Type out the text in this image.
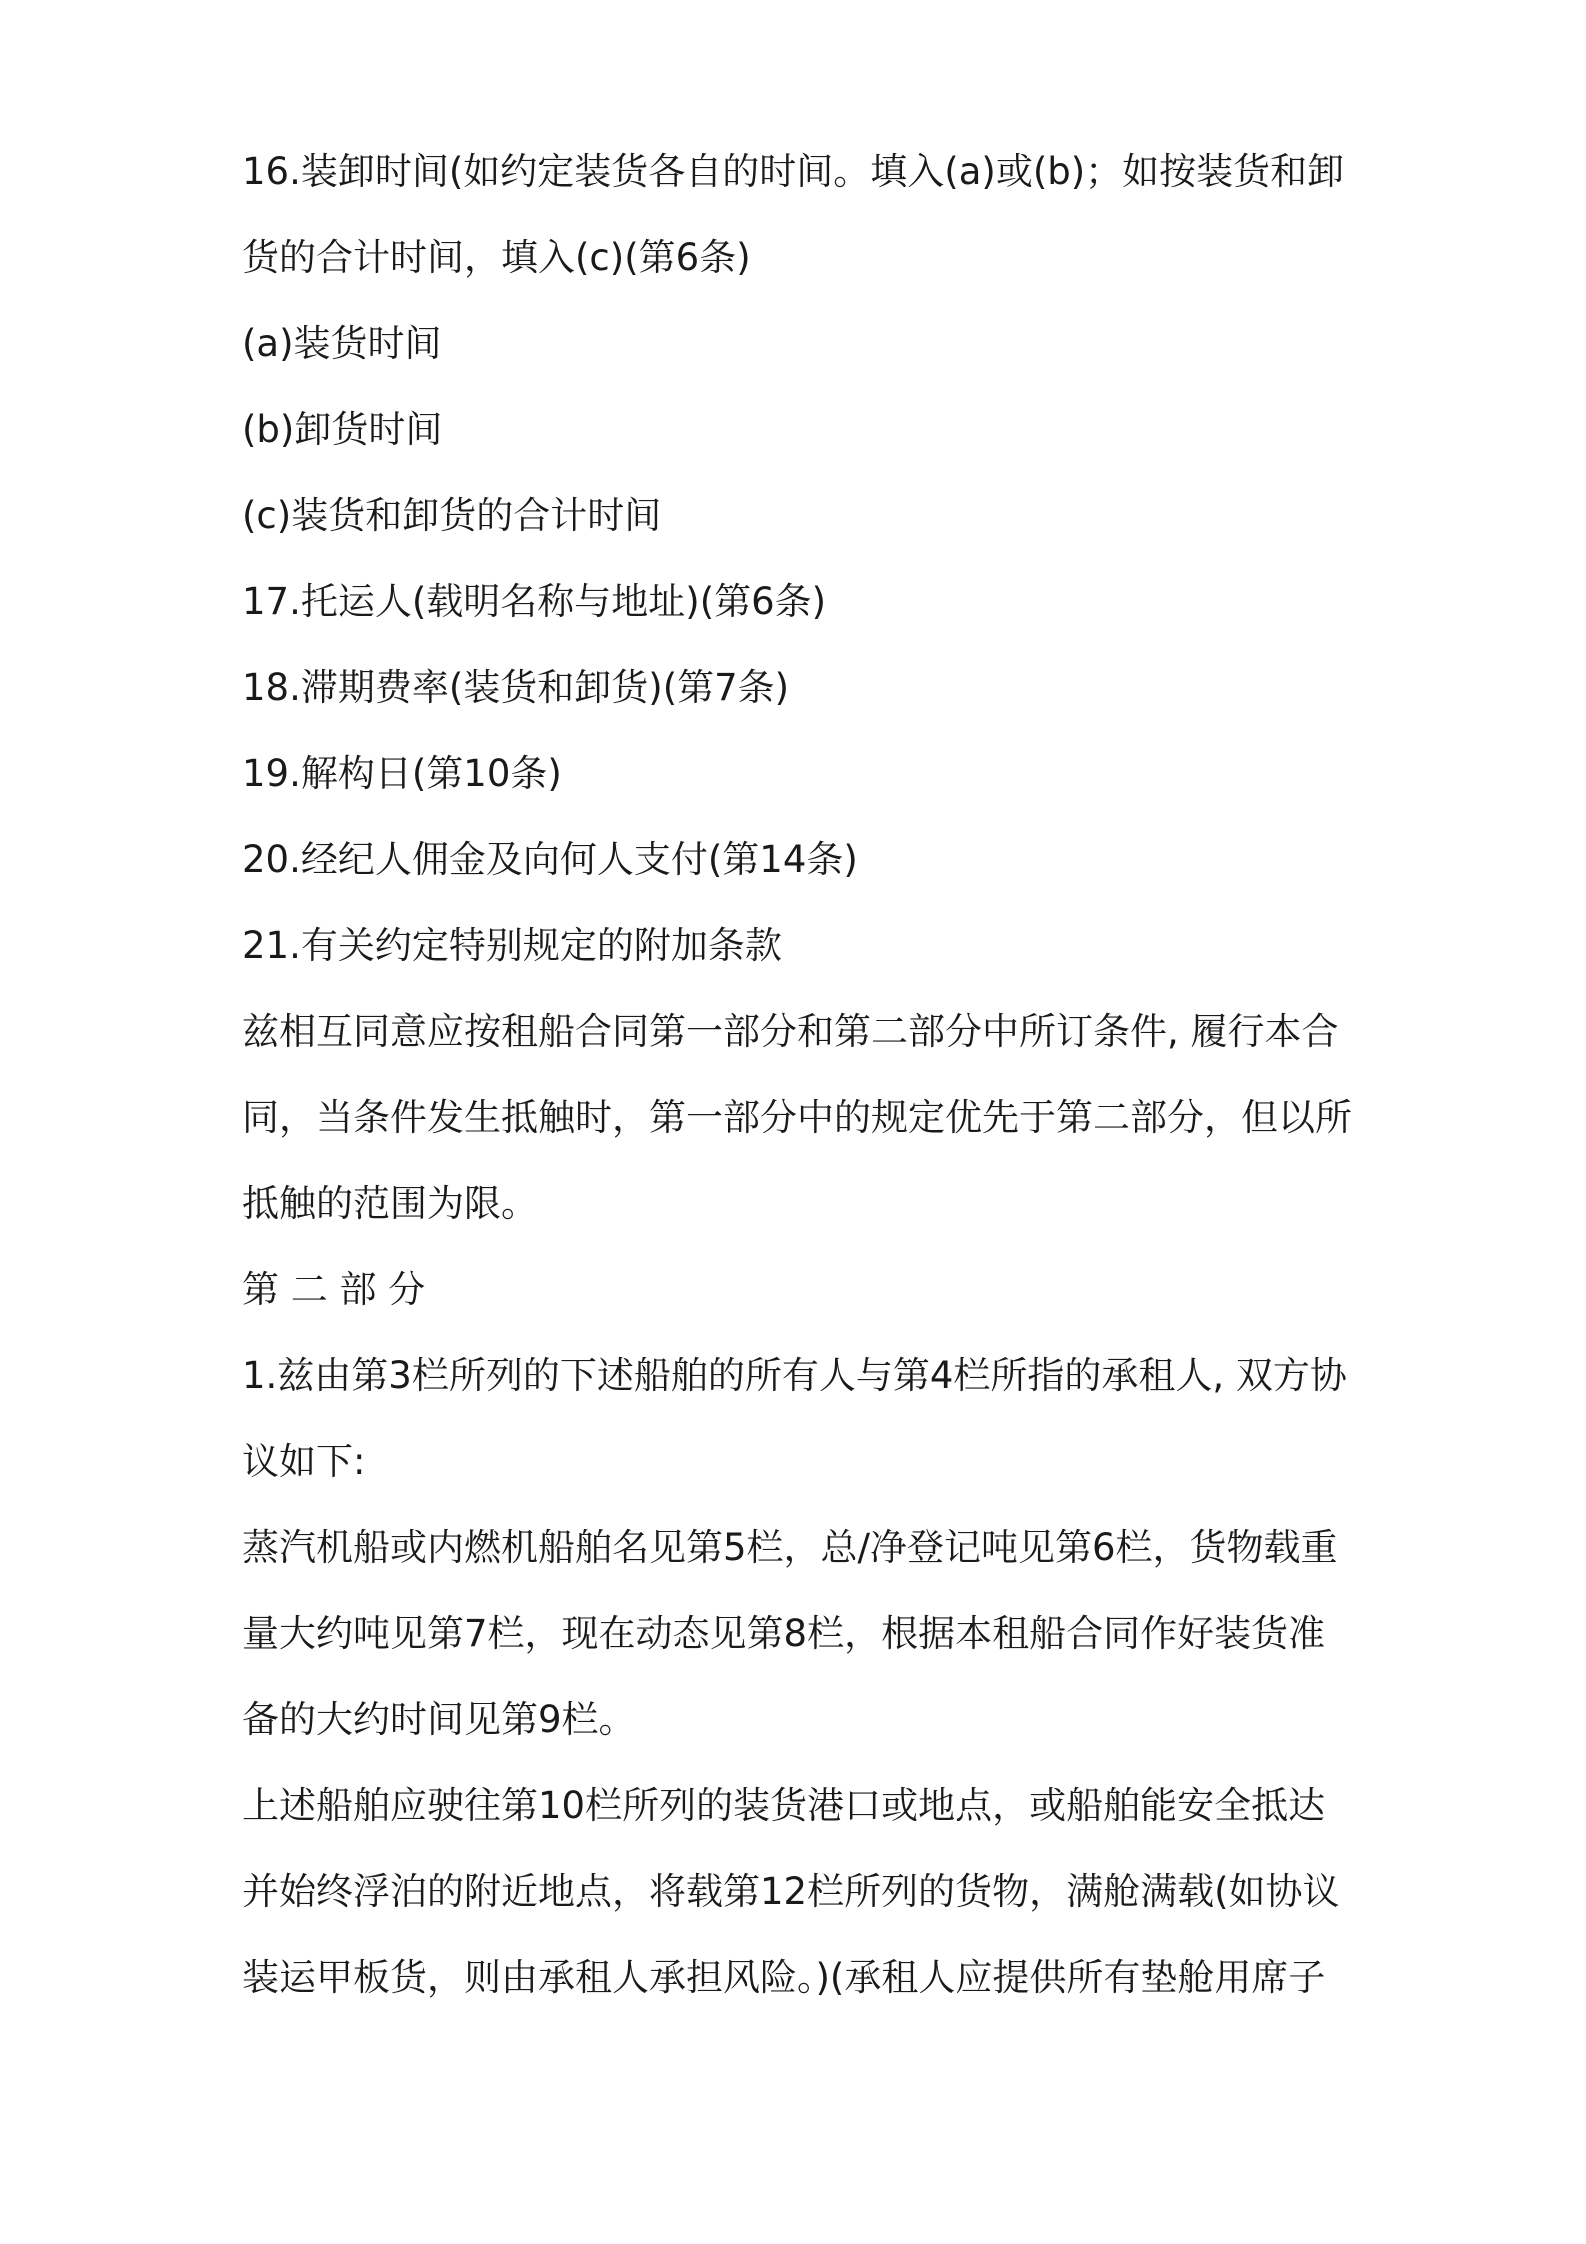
16.装卸时间(如约定装货各自的时间。填入(a)或(b)；如按装货和卸

货的合计时间，填入(c)(第6条)

(a)装货时间

(b)卸货时间

(c)装货和卸货的合计时间

17.托运人(载明名称与地址)(第6条)

18.滞期费率(装货和卸货)(第7条)

19.解构日(第10条)

20.经纪人佣金及向何人支付(第14条)

21.有关约定特别规定的附加条款

兹相互同意应按租船合同第一部分和第二部分中所订条件, 履行本合

同，当条件发生抵触时，第一部分中的规定优先于第二部分，但以所

抵触的范围为限。

第 二 部 分

1.兹由第3栏所列的下述船舶的所有人与第4栏所指的承租人, 双方协

议如下:

蒸汽机船或内燃机船舶名见第5栏，总/净登记吨见第6栏，货物载重

量大约吨见第7栏，现在动态见第8栏，根据本租船合同作好装货准

备的大约时间见第9栏。

上述船舶应驶往第10栏所列的装货港口或地点，或船舶能安全抵达

并始终浮泊的附近地点，将载第12栏所列的货物，满舱满载(如协议

装运甲板货，则由承租人承担风险。)(承租人应提供所有垫舱用席子
